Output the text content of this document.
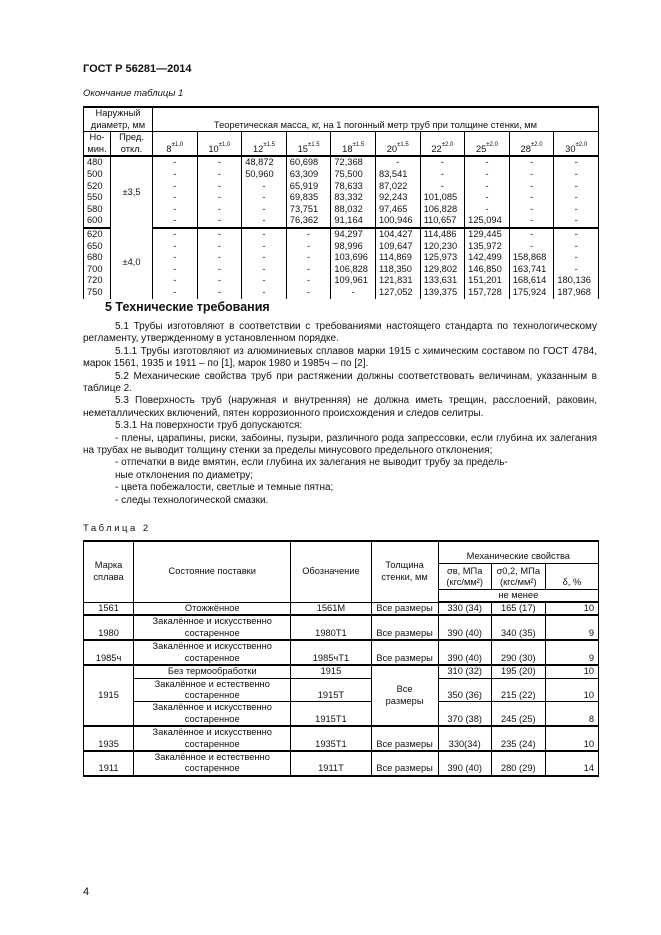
ГОСТ Р 56281—2014
Окончание таблицы 1
Наружный диаметр, мм		Теоретическая масса, кг, на 1 погонный метр труб при толщине стенки, мм									
Но-мин.	Пред. откл.	$8^{\pm 1.0}$	$10^{\pm 1.0}$	$12^{\pm 1.5}$	$15^{\pm 1.5}$	$18^{\pm 1.5}$	$20^{\pm 1.5}$	$22^{\pm 2.0}$	$25^{\pm 2.0}$	$28^{\pm 2.0}$	$30^{\pm 2.0}$
480	±3,5	-	-	48,872	60,698	72,368	-	-	-	-	-
500		-	-	50,960	63,309	75,500	83,541	-	-	-	-
520		-	-	-	65,919	78,633	87,022	-	-	-	-
550		-	-	-	69,835	83,332	92,243	101,085	-	-	-
580		-	-	-	73,751	88,032	97,465	106,828	-	-	-
600		-	-	-	76,362	91,164	100,946	110,657	125,094	-	-
620	±4,0	-	-	-	-	94,297	104,427	114,486	129,445	-	-
650		-	-	-	-	98,996	109,647	120,230	135,972	-	-
680		-	-	-	-	103,696	114,869	125,973	142,499	158,868	-
700		-	-	-	-	106,828	118,350	129,802	146,850	163,741	-
720		-	-	-	-	109,961	121,831	133,631	151,201	168,614	180,136
750		-	-	-	-	-	127,052	139,375	157,728	175,924	187,968
5 Технические требования

5.1 Трубы изготовляют в соответствии с требованиями настоящего стандарта по технологическому регламенту, утвержденному в установленном порядке.

5.1.1 Трубы изготовляют из алюминиевых сплавов марки 1915 с химическим составом по ГОСТ 4784, марок 1561, 1935 и 1911 – по [1], марок 1980 и 1985ч – по [2].

5.2 Механические свойства труб при растяжении должны соответствовать величинам, указанным в таблице 2.

5.3 Поверхность труб (наружная и внутренняя) не должна иметь трещин, расслоений, раковин, неметаллических включений, пятен коррозионного происхождения и следов селитры.

5.3.1 На поверхности труб допускаются:

- плены, царапины, риски, забоины, пузыри, различного рода запрессовки, если глубина их залегания на трубах не выводит толщину стенки за пределы минусового предельного отклонения;

- отпечатки в виде вмятин, если глубина их залегания не выводит трубу за предель-

ные отклонения по диаметру;

- цвета побежалости, светлые и темные пятна;

- следы технологической смазки.

Таблица 2
Марка сплава	Состояние поставки	Обозначение	Толщина стенки, мм	Механические свойства		
				σв, МПа (кгс/мм²)	σ0,2, МПа (кгс/мм²)	δ, %
				не менее		
1561	Отожжённое	1561М	Все размеры	330 (34)	165 (17)	10
1980	Закалённое и искусственно состаренное	1980Т1	Все размеры	390 (40)	340 (35)	9
1985ч	Закалённое и искусственно состаренное	1985чТ1	Все размеры	390 (40)	290 (30)	9
1915	Без термообработки	1915	Все размеры	310 (32)	195 (20)	10
	Закалённое и естественно состаренное	1915Т		350 (36)	215 (22)	10
	Закалённое и искусственно состаренное	1915Т1		370 (38)	245 (25)	8
1935	Закалённое и искусственно состаренное	1935Т1	Все размеры	330(34)	235 (24)	10
1911	Закалённое и естественно состаренное	1911Т	Все размеры	390 (40)	280 (29)	14
4
